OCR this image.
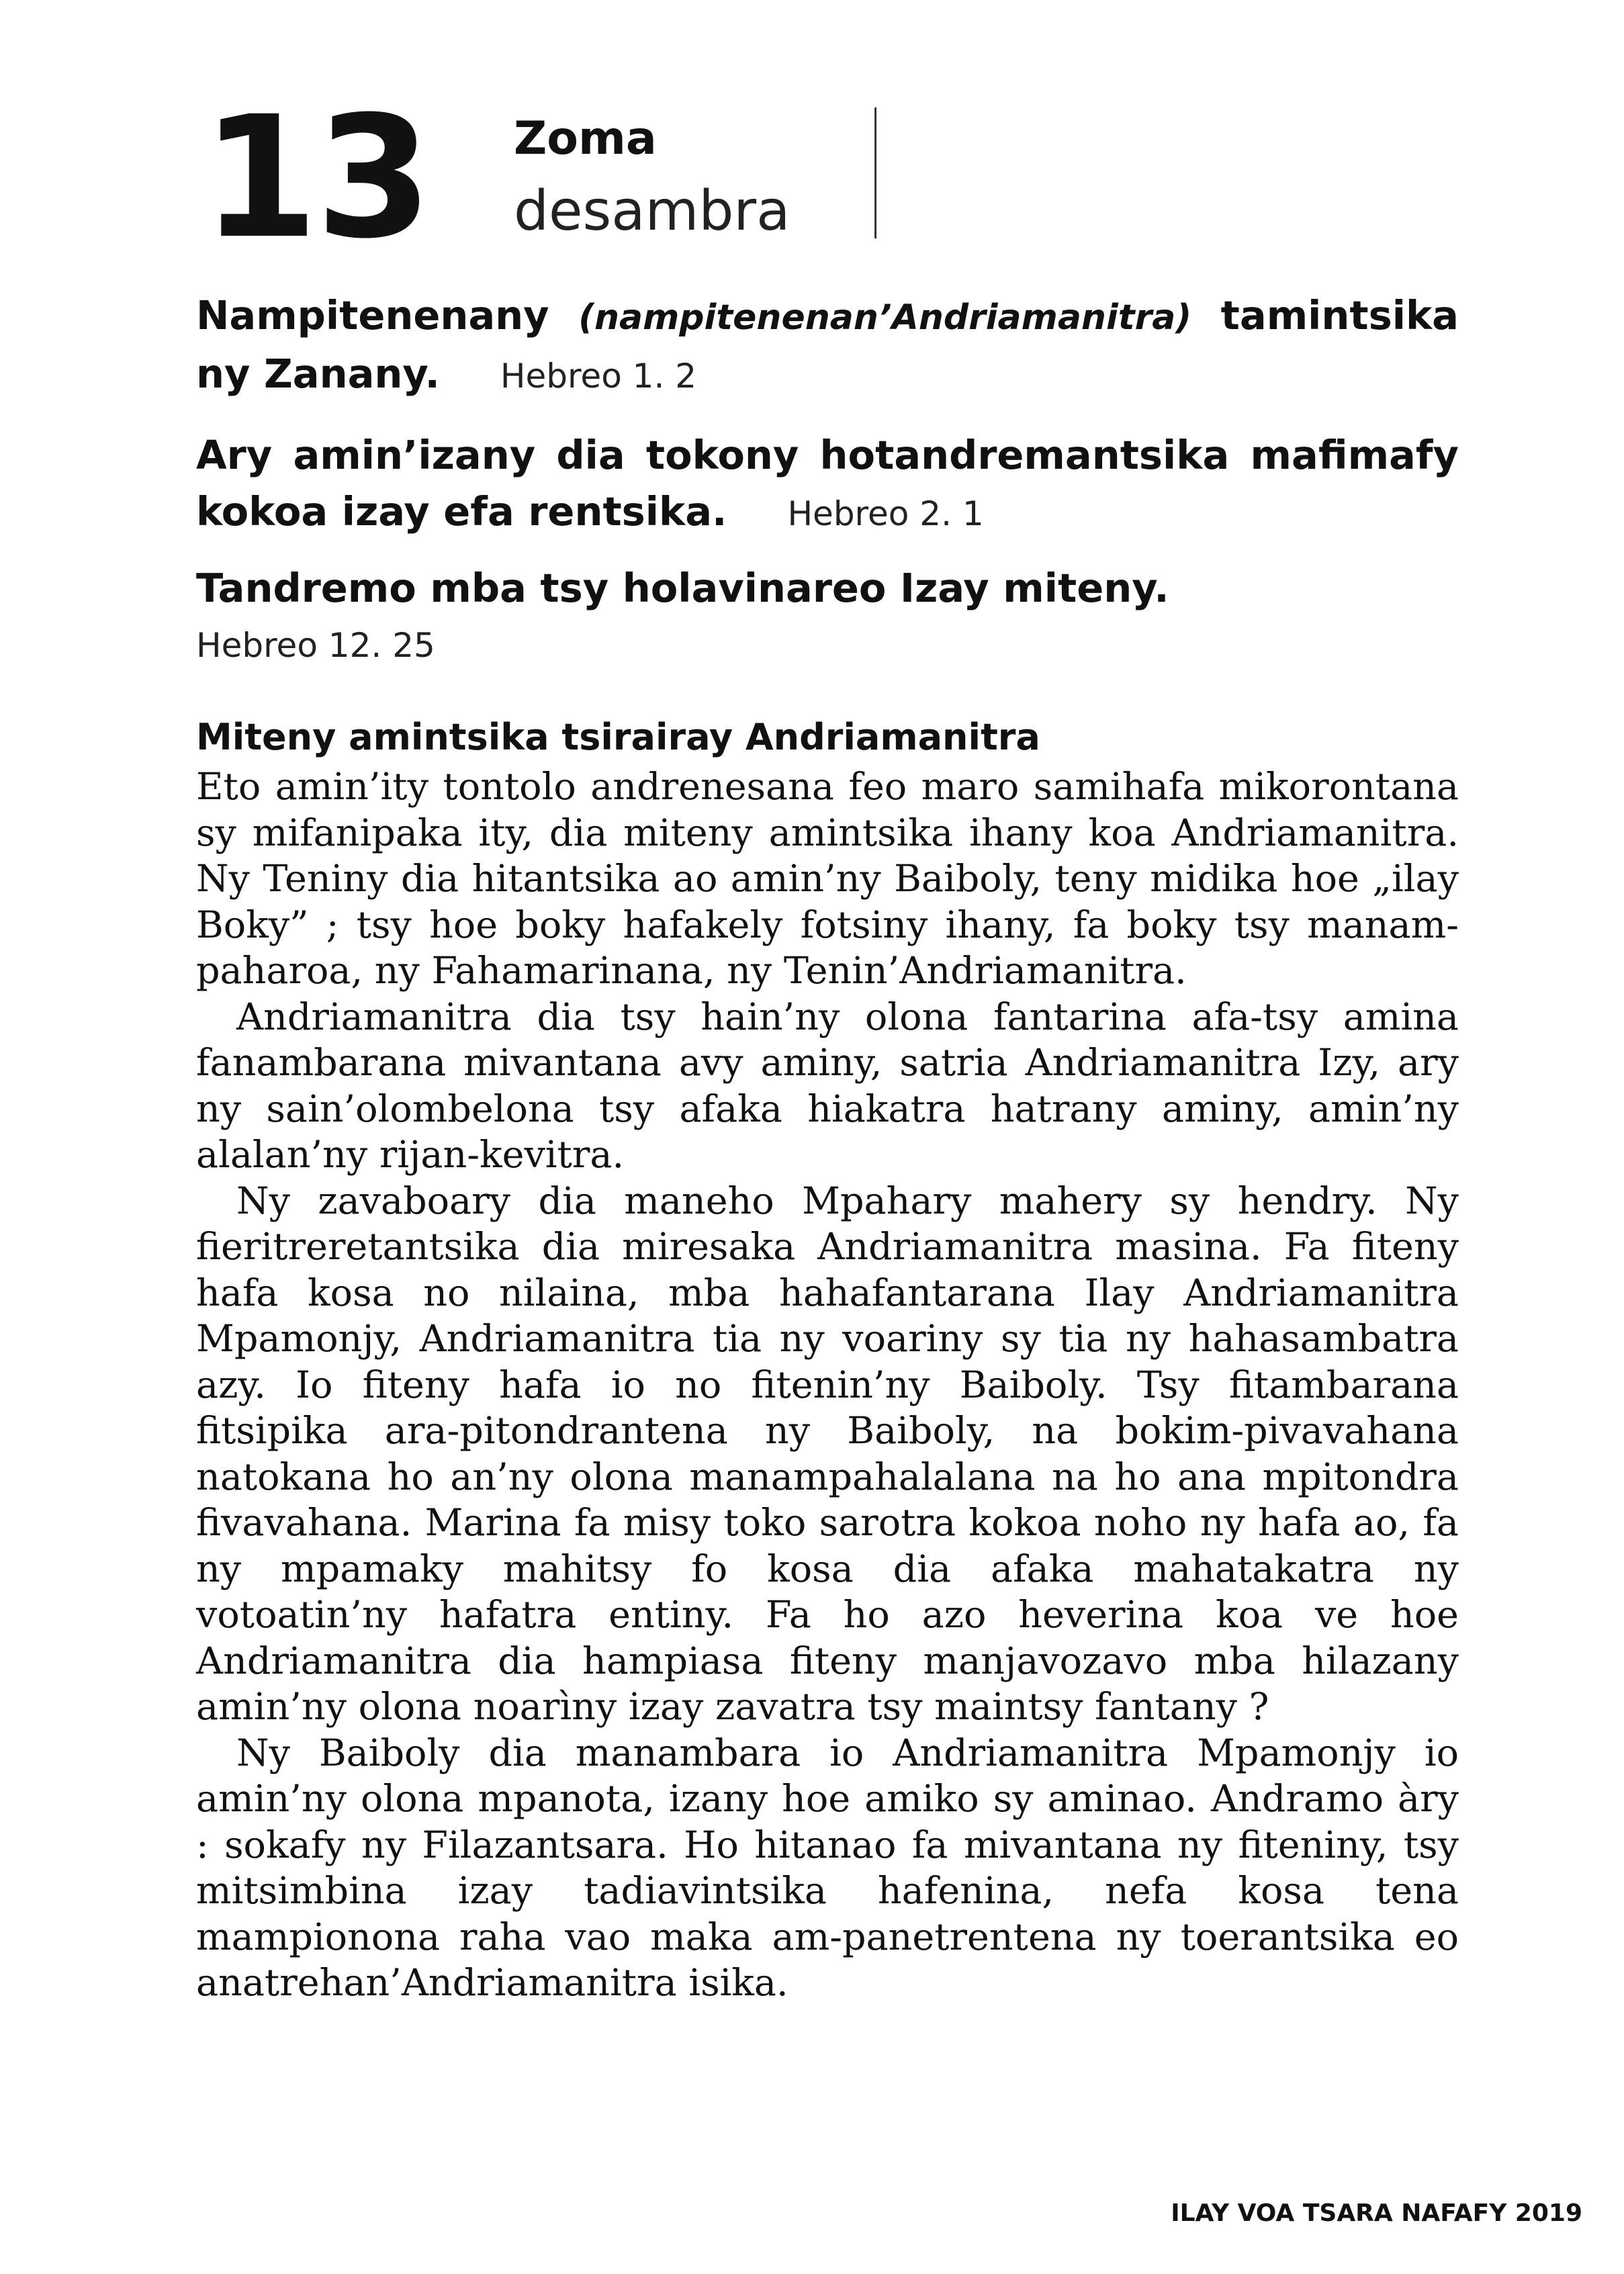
13 Zoma
desambra
Nampitenenany (nampitenenan’Andriamanitra) tamintsika ny Zanany. Hebreo 1. 2
Ary amin’izany dia tokony hotandremantsika mafimafy kokoa izay efa rentsika. Hebreo 2. 1
Tandremo mba tsy holavinareo Izay miteny.
Hebreo 12. 25
Miteny amintsika tsirairay Andriamanitra

Eto amin’ity tontolo andrenesana feo maro samihafa mikorontana sy mifanipaka ity, dia miteny amintsika ihany koa Andriamanitra. Ny Teniny dia hitantsika ao amin’ny Baiboly, teny midika hoe „ilay Boky” ; tsy hoe boky hafakely fotsiny ihany, fa boky tsy manam-paharoa, ny Fahamarinana, ny Tenin’Andriamanitra.

Andriamanitra dia tsy hain’ny olona fantarina afa-tsy amina fanambarana mivantana avy aminy, satria Andriamanitra Izy, ary ny sain’olombelona tsy afaka hiakatra hatrany aminy, amin’ny alalan’ny rijan-kevitra.

Ny zavaboary dia maneho Mpahary mahery sy hendry. Ny fieritreretantsika dia miresaka Andriamanitra masina. Fa fiteny hafa kosa no nilaina, mba hahafantarana Ilay Andriamanitra Mpamonjy, Andriamanitra tia ny voariny sy tia ny hahasambatra azy. Io fiteny hafa io no fitenin’ny Baiboly. Tsy fitambarana fitsipika ara-pitondrantena ny Baiboly, na bokim-pivavahana natokana ho an’ny olona manampahalalana na ho ana mpitondra fivavahana. Marina fa misy toko sarotra kokoa noho ny hafa ao, fa ny mpamaky mahitsy fo kosa dia afaka mahatakatra ny votoatin’ny hafatra entiny. Fa ho azo heverina koa ve hoe Andriamanitra dia hampiasa fiteny manjavozavo mba hilazany amin’ny olona noarìny izay zavatra tsy maintsy fantany ?

Ny Baiboly dia manambara io Andriamanitra Mpamonjy io amin’ny olona mpanota, izany hoe amiko sy aminao. Andramo àry : sokafy ny Filazantsara. Ho hitanao fa mivantana ny fiteniny, tsy mitsimbina izay tadiavintsika hafenina, nefa kosa tena mampionona raha vao maka am-panetrentena ny toerantsika eo anatrehan’Andriamanitra isika.

ILAY VOA TSARA NAFAFY 2019
